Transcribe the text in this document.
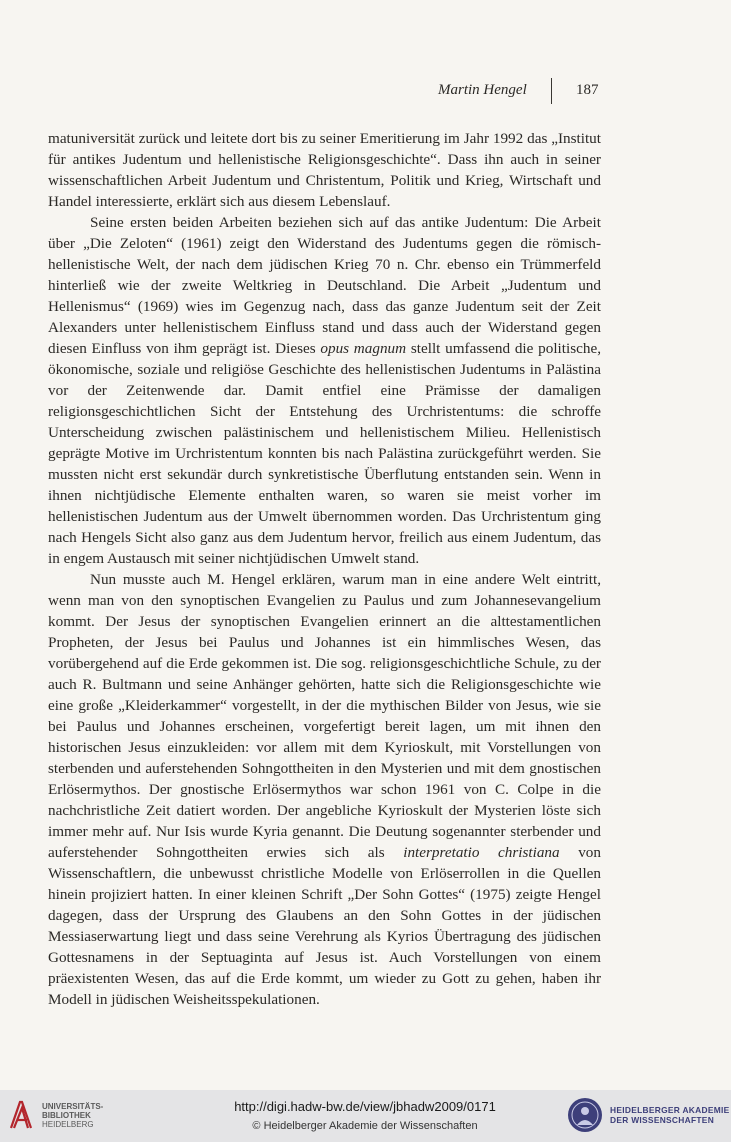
Martin Hengel	187

matuniversität zurück und leitete dort bis zu seiner Emeritierung im Jahr 1992 das „Institut für antikes Judentum und hellenistische Religionsgeschichte“. Dass ihn auch in seiner wissenschaftlichen Arbeit Judentum und Christentum, Politik und Krieg, Wirtschaft und Handel interessierte, erklärt sich aus diesem Lebenslauf.

Seine ersten beiden Arbeiten beziehen sich auf das antike Judentum: Die Arbeit über „Die Zeloten“ (1961) zeigt den Widerstand des Judentums gegen die römisch-hellenistische Welt, der nach dem jüdischen Krieg 70 n. Chr. ebenso ein Trümmerfeld hinterließ wie der zweite Weltkrieg in Deutschland. Die Arbeit „Judentum und Hellenismus“ (1969) wies im Gegenzug nach, dass das ganze Judentum seit der Zeit Alexanders unter hellenistischem Einfluss stand und dass auch der Widerstand gegen diesen Einfluss von ihm geprägt ist. Dieses opus magnum stellt umfassend die politische, ökonomische, soziale und religiöse Geschichte des hellenistischen Judentums in Palästina vor der Zeitenwende dar. Damit entfiel eine Prämisse der damaligen religionsgeschichtlichen Sicht der Entstehung des Urchristentums: die schroffe Unterscheidung zwischen palästinischem und hellenistischem Milieu. Hellenistisch geprägte Motive im Urchristentum konnten bis nach Palästina zurückgeführt werden. Sie mussten nicht erst sekundär durch synkretistische Überflutung entstanden sein. Wenn in ihnen nichtjüdische Elemente enthalten waren, so waren sie meist vorher im hellenistischen Judentum aus der Umwelt übernommen worden. Das Urchristentum ging nach Hengels Sicht also ganz aus dem Judentum hervor, freilich aus einem Judentum, das in engem Austausch mit seiner nichtjüdischen Umwelt stand.

Nun musste auch M. Hengel erklären, warum man in eine andere Welt eintritt, wenn man von den synoptischen Evangelien zu Paulus und zum Johannesevangelium kommt. Der Jesus der synoptischen Evangelien erinnert an die alttestamentlichen Propheten, der Jesus bei Paulus und Johannes ist ein himmlisches Wesen, das vorübergehend auf die Erde gekommen ist. Die sog. religionsgeschichtliche Schule, zu der auch R. Bultmann und seine Anhänger gehörten, hatte sich die Religionsgeschichte wie eine große „Kleiderkammer“ vorgestellt, in der die mythischen Bilder von Jesus, wie sie bei Paulus und Johannes erscheinen, vorgefertigt bereit lagen, um mit ihnen den historischen Jesus einzukleiden: vor allem mit dem Kyrioskult, mit Vorstellungen von sterbenden und auferstehenden Sohngottheiten in den Mysterien und mit dem gnostischen Erlösermythos. Der gnostische Erlösermythos war schon 1961 von C. Colpe in die nachchristliche Zeit datiert worden. Der angebliche Kyrioskult der Mysterien löste sich immer mehr auf. Nur Isis wurde Kyria genannt. Die Deutung sogenannter sterbender und auferstehender Sohngottheiten erwies sich als interpretatio christiana von Wissenschaftlern, die unbewusst christliche Modelle von Erlöserrollen in die Quellen hinein projiziert hatten. In einer kleinen Schrift „Der Sohn Gottes“ (1975) zeigte Hengel dagegen, dass der Ursprung des Glaubens an den Sohn Gottes in der jüdischen Messiaserwartung liegt und dass seine Verehrung als Kyrios Übertragung des jüdischen Gottesnamens in der Septuaginta auf Jesus ist. Auch Vorstellungen von einem präexistenten Wesen, das auf die Erde kommt, um wieder zu Gott zu gehen, haben ihr Modell in jüdischen Weisheitsspekulationen.

UNIVERSITÄTS-
BIBLIOTHEK
HEIDELBERG
http://digi.hadw-bw.de/view/jbhadw2009/0171
© Heidelberger Akademie der Wissenschaften
HEIDELBERGER AKADEMIE
DER WISSENSCHAFTEN
